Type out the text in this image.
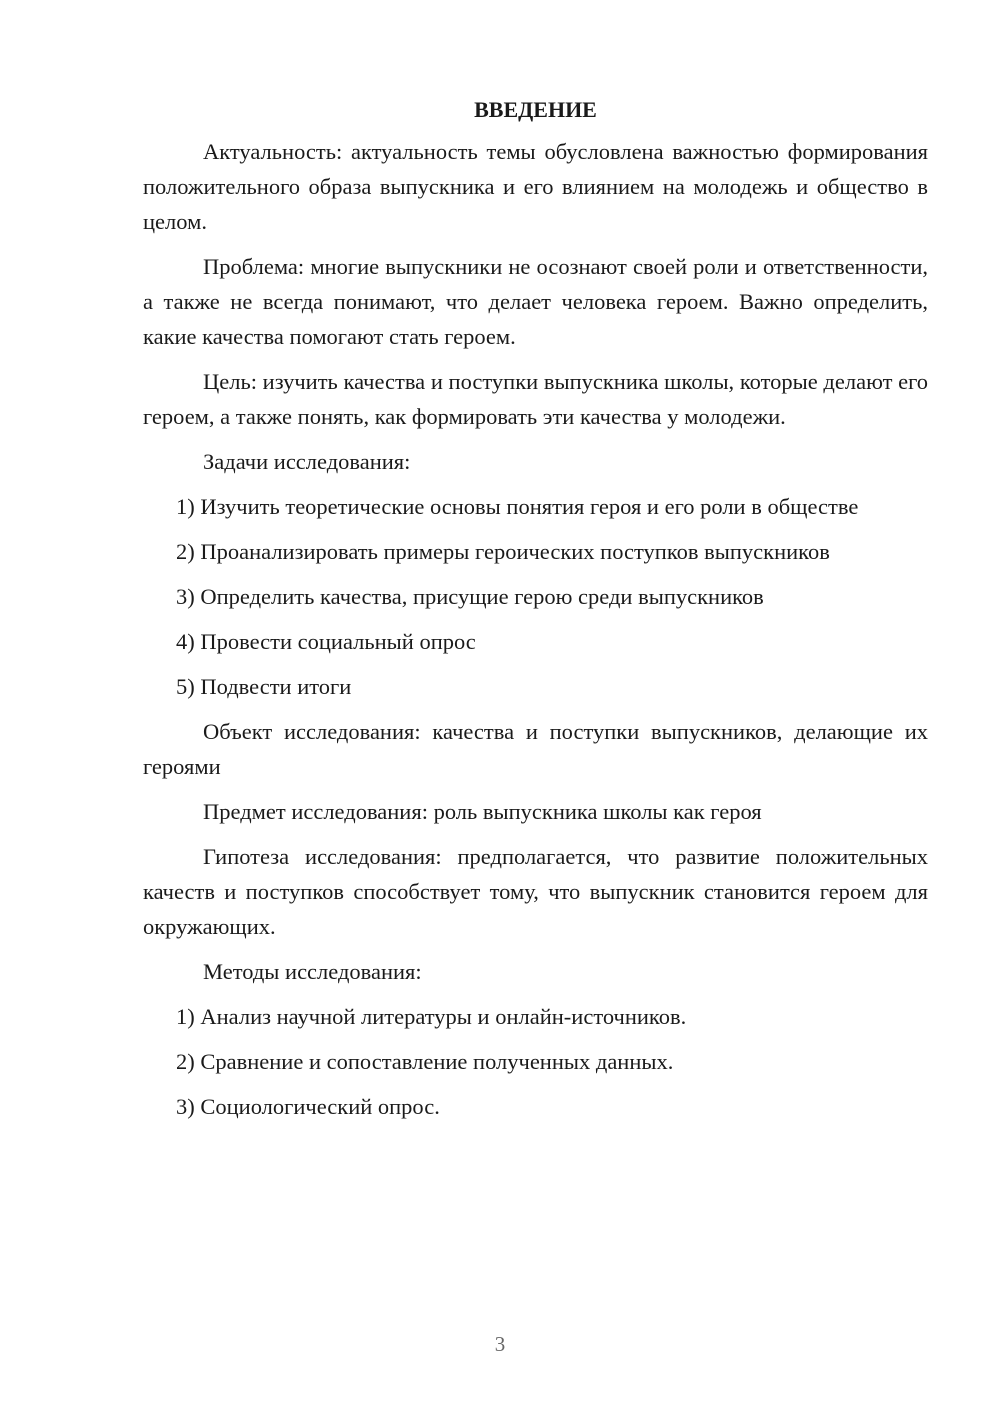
ВВЕДЕНИЕ

Актуальность: актуальность темы обусловлена важностью формирования положительного образа выпускника и его влиянием на молодежь и общество в целом.

Проблема: многие выпускники не осознают своей роли и ответственности, а также не всегда понимают, что делает человека героем. Важно определить, какие качества помогают стать героем.

Цель: изучить качества и поступки выпускника школы, которые делают его героем, а также понять, как формировать эти качества у молодежи.

Задачи исследования:

1) Изучить теоретические основы понятия героя и его роли в обществе
2) Проанализировать примеры героических поступков выпускников
3) Определить качества, присущие герою среди выпускников
4) Провести социальный опрос
5) Подвести итоги

Объект исследования: качества и поступки выпускников, делающие их героями

Предмет исследования: роль выпускника школы как героя

Гипотеза исследования: предполагается, что развитие положительных качеств и поступков способствует тому, что выпускник становится героем для окружающих.

Методы исследования:

1) Анализ научной литературы и онлайн-источников.
2) Сравнение и сопоставление полученных данных.
3) Социологический опрос.
3
